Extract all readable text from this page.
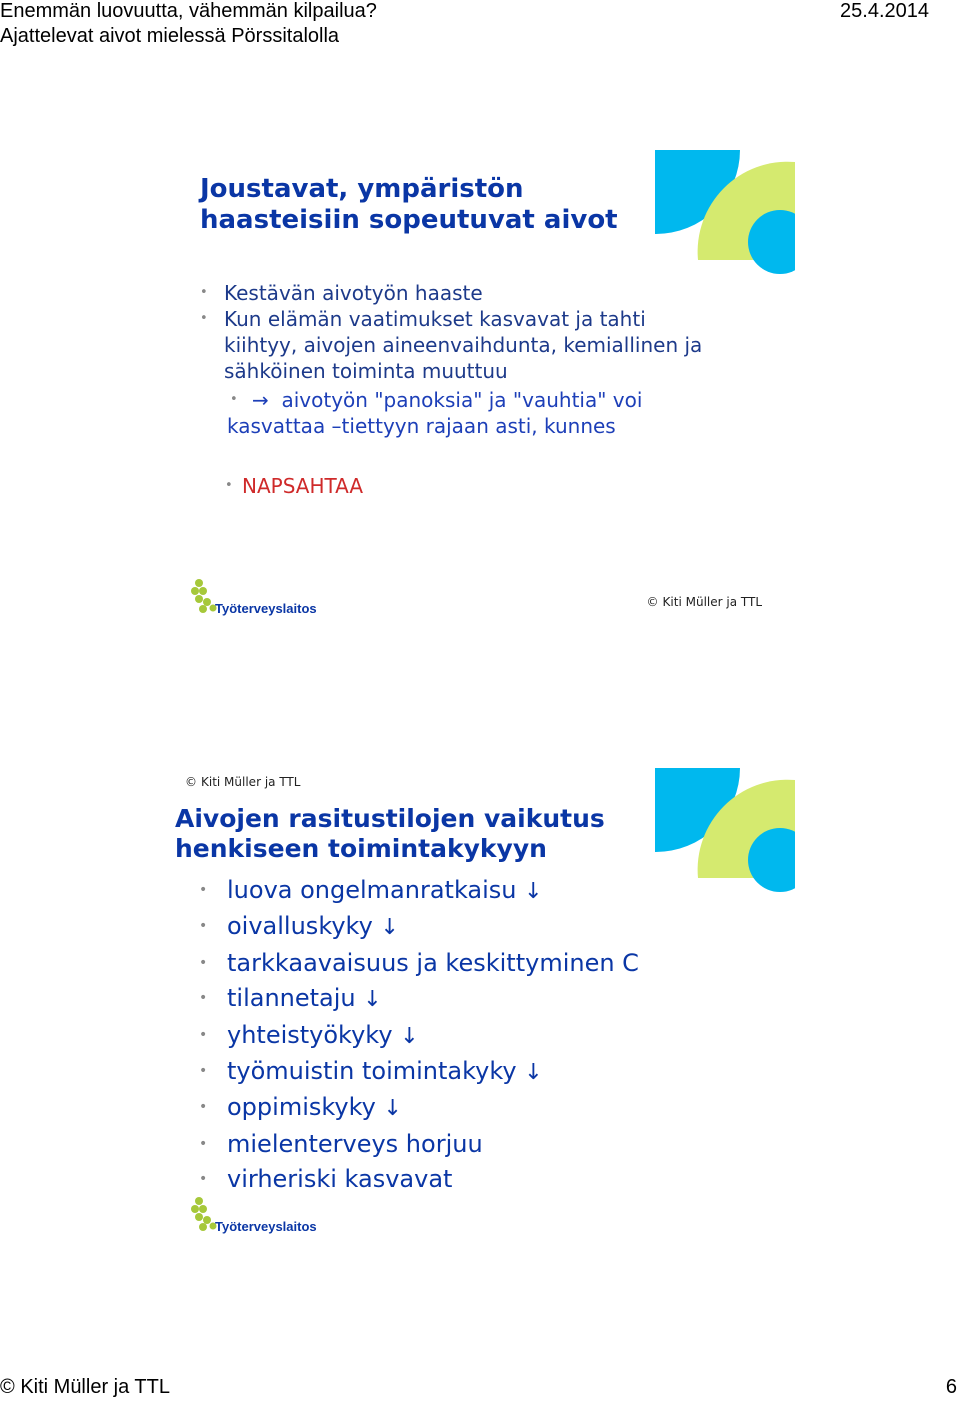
Enemmän luovuutta, vähemmän kilpailua?	25.4.2014
Ajattelevat aivot mielessä Pörssitalolla
Joustavat, ympäristön
haasteisiin sopeutuvat aivot
• Kestävän aivotyön haaste
• Kun elämän vaatimukset kasvavat ja tahti
kiihtyy, aivojen aineenvaihdunta, kemiallinen ja
sähköinen toiminta muuttuu
• → aivotyön "panoksia" ja "vauhtia" voi
kasvattaa –tiettyyn rajaan asti, kunnes
• NAPSAHTAA
Työterveyslaitos	© Kiti Müller ja TTL
© Kiti Müller ja TTL
Aivojen rasitustilojen vaikutus
henkiseen toimintakykyyn
• luova ongelmanratkaisu ↓
• oivalluskyky ↓
• tarkkaavaisuus ja keskittyminen C
• tilannetaju ↓
• yhteistyökyky ↓
• työmuistin toimintakyky ↓
• oppimiskyky ↓
• mielenterveys horjuu
• virheriski kasvavat
Työterveyslaitos
© Kiti Müller ja TTL	6
